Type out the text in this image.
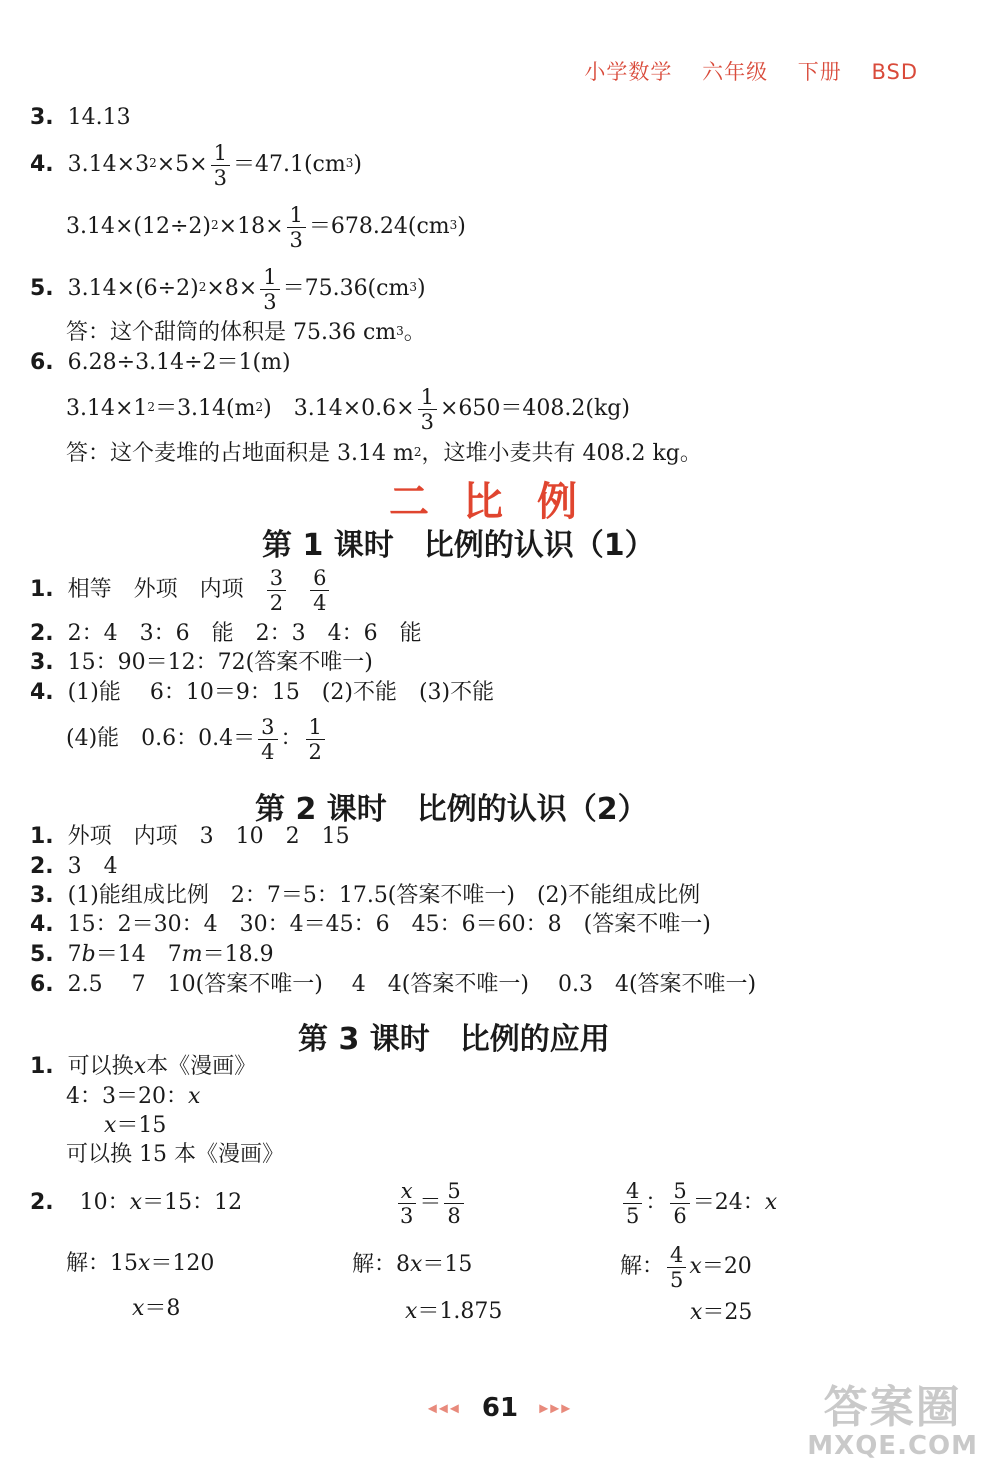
小学数学 六年级 下册 BSD
3. 14.13
4. $3.14\times 3^2 \times 5\times \frac{1}{3} =47.1(cm^3$ )
$3.14\times(12\div 2)^2 \times 18\times \frac{1}{3} =678.24(cm^3$ )
5. $3.14\times(6\div 2)^2 \times 8\times \frac{1}{3} =75.36(cm^3$ )
答：这个甜筒的体积是 75.36 $cm^3$ 。
6. 6.28÷3.14÷2＝1(m)
$3.14\times 1^2 =3.14(m^2$ )　$3.14\times 0.6\times \frac{1}{3} \times 650=408.2(kg)$
答：这个麦堆的占地面积是 3.14 $m^2$ ，这堆小麦共有 408.2 kg。
二比例
第 1 课时　比例的认识（1）
1. 相等　外项　内项 $\frac{3}{2} \frac{6}{4}$
2. 2：4　3：6　能　2：3　4：6　能
3. 15：90＝12：72(答案不唯一)
4. (1)能　 6：10＝9：15　(2)不能　(3)不能
(4)能　0.6：$0.4= \frac{3}{4}$ ： $\frac{1}{2}$
第 2 课时　比例的认识（2）
1. 外项　内项　3　10　2　15
2. 3　4
3. (1)能组成比例　2：7＝5：17.5(答案不唯一)　(2)不能组成比例
4. 15：2＝30：4　30：4＝45：6　45：6＝60：8　(答案不唯一)
5. 7 b ＝14　7 m ＝18.9
6. 2.5　 7　10(答案不唯一)　 4　4(答案不唯一)　 0.3　4(答案不唯一)
第 3 课时　比例的应用
1. 可以换 x 本《漫画》
4：3＝20： x
x ＝15
可以换 15 本《漫画》
2. 10： x ＝15：12
解：15 x ＝120
x ＝8
$\frac{x}{3} = \frac{5}{8}$
解：8 x ＝15
x ＝1.875
$\frac{4}{5}$ ： $\frac{5}{6} =24$： x
解： $\frac{4}{5}$ x ＝20
x ＝25
◂◂◂ 61 ▸▸▸	答案圈
MXQE.COM
